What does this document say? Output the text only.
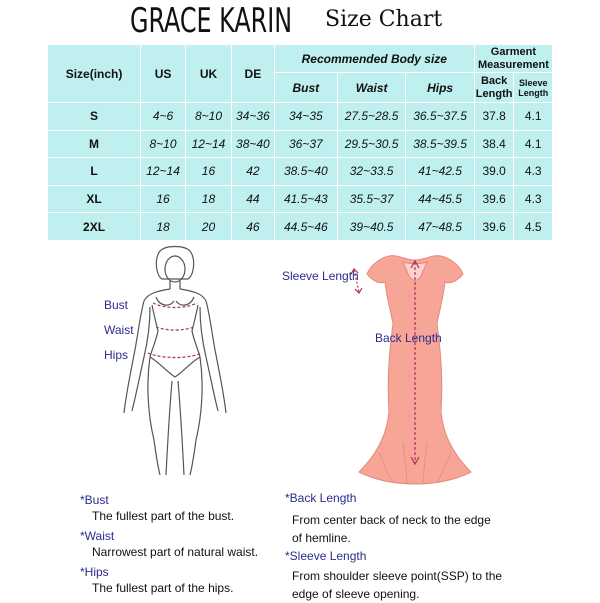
GRACE KARIN Size Chart
Size(inch)	US	UK	DE	Recommended Body size			Garment Measurement	
				Bust	Waist	Hips	Back Length	Sleeve Length
S	4~6	8~10	34~36	34~35	27.5~28.5	36.5~37.5	37.8	4.1
M	8~10	12~14	38~40	36~37	29.5~30.5	38.5~39.5	38.4	4.1
L	12~14	16	42	38.5~40	32~33.5	41~42.5	39.0	4.3
XL	16	18	44	41.5~43	35.5~37	44~45.5	39.6	4.3
2XL	18	20	46	44.5~46	39~40.5	47~48.5	39.6	4.5
Bust
Waist
Hips
Sleeve Length
Back Length
*Bust
The fullest part of the bust.
*Waist
Narrowest part of natural waist.
*Hips
The fullest part of the hips.
*Back Length
From center back of neck to the edge
of hemline.
*Sleeve Length
From shoulder sleeve point(SSP) to the
edge of sleeve opening.
